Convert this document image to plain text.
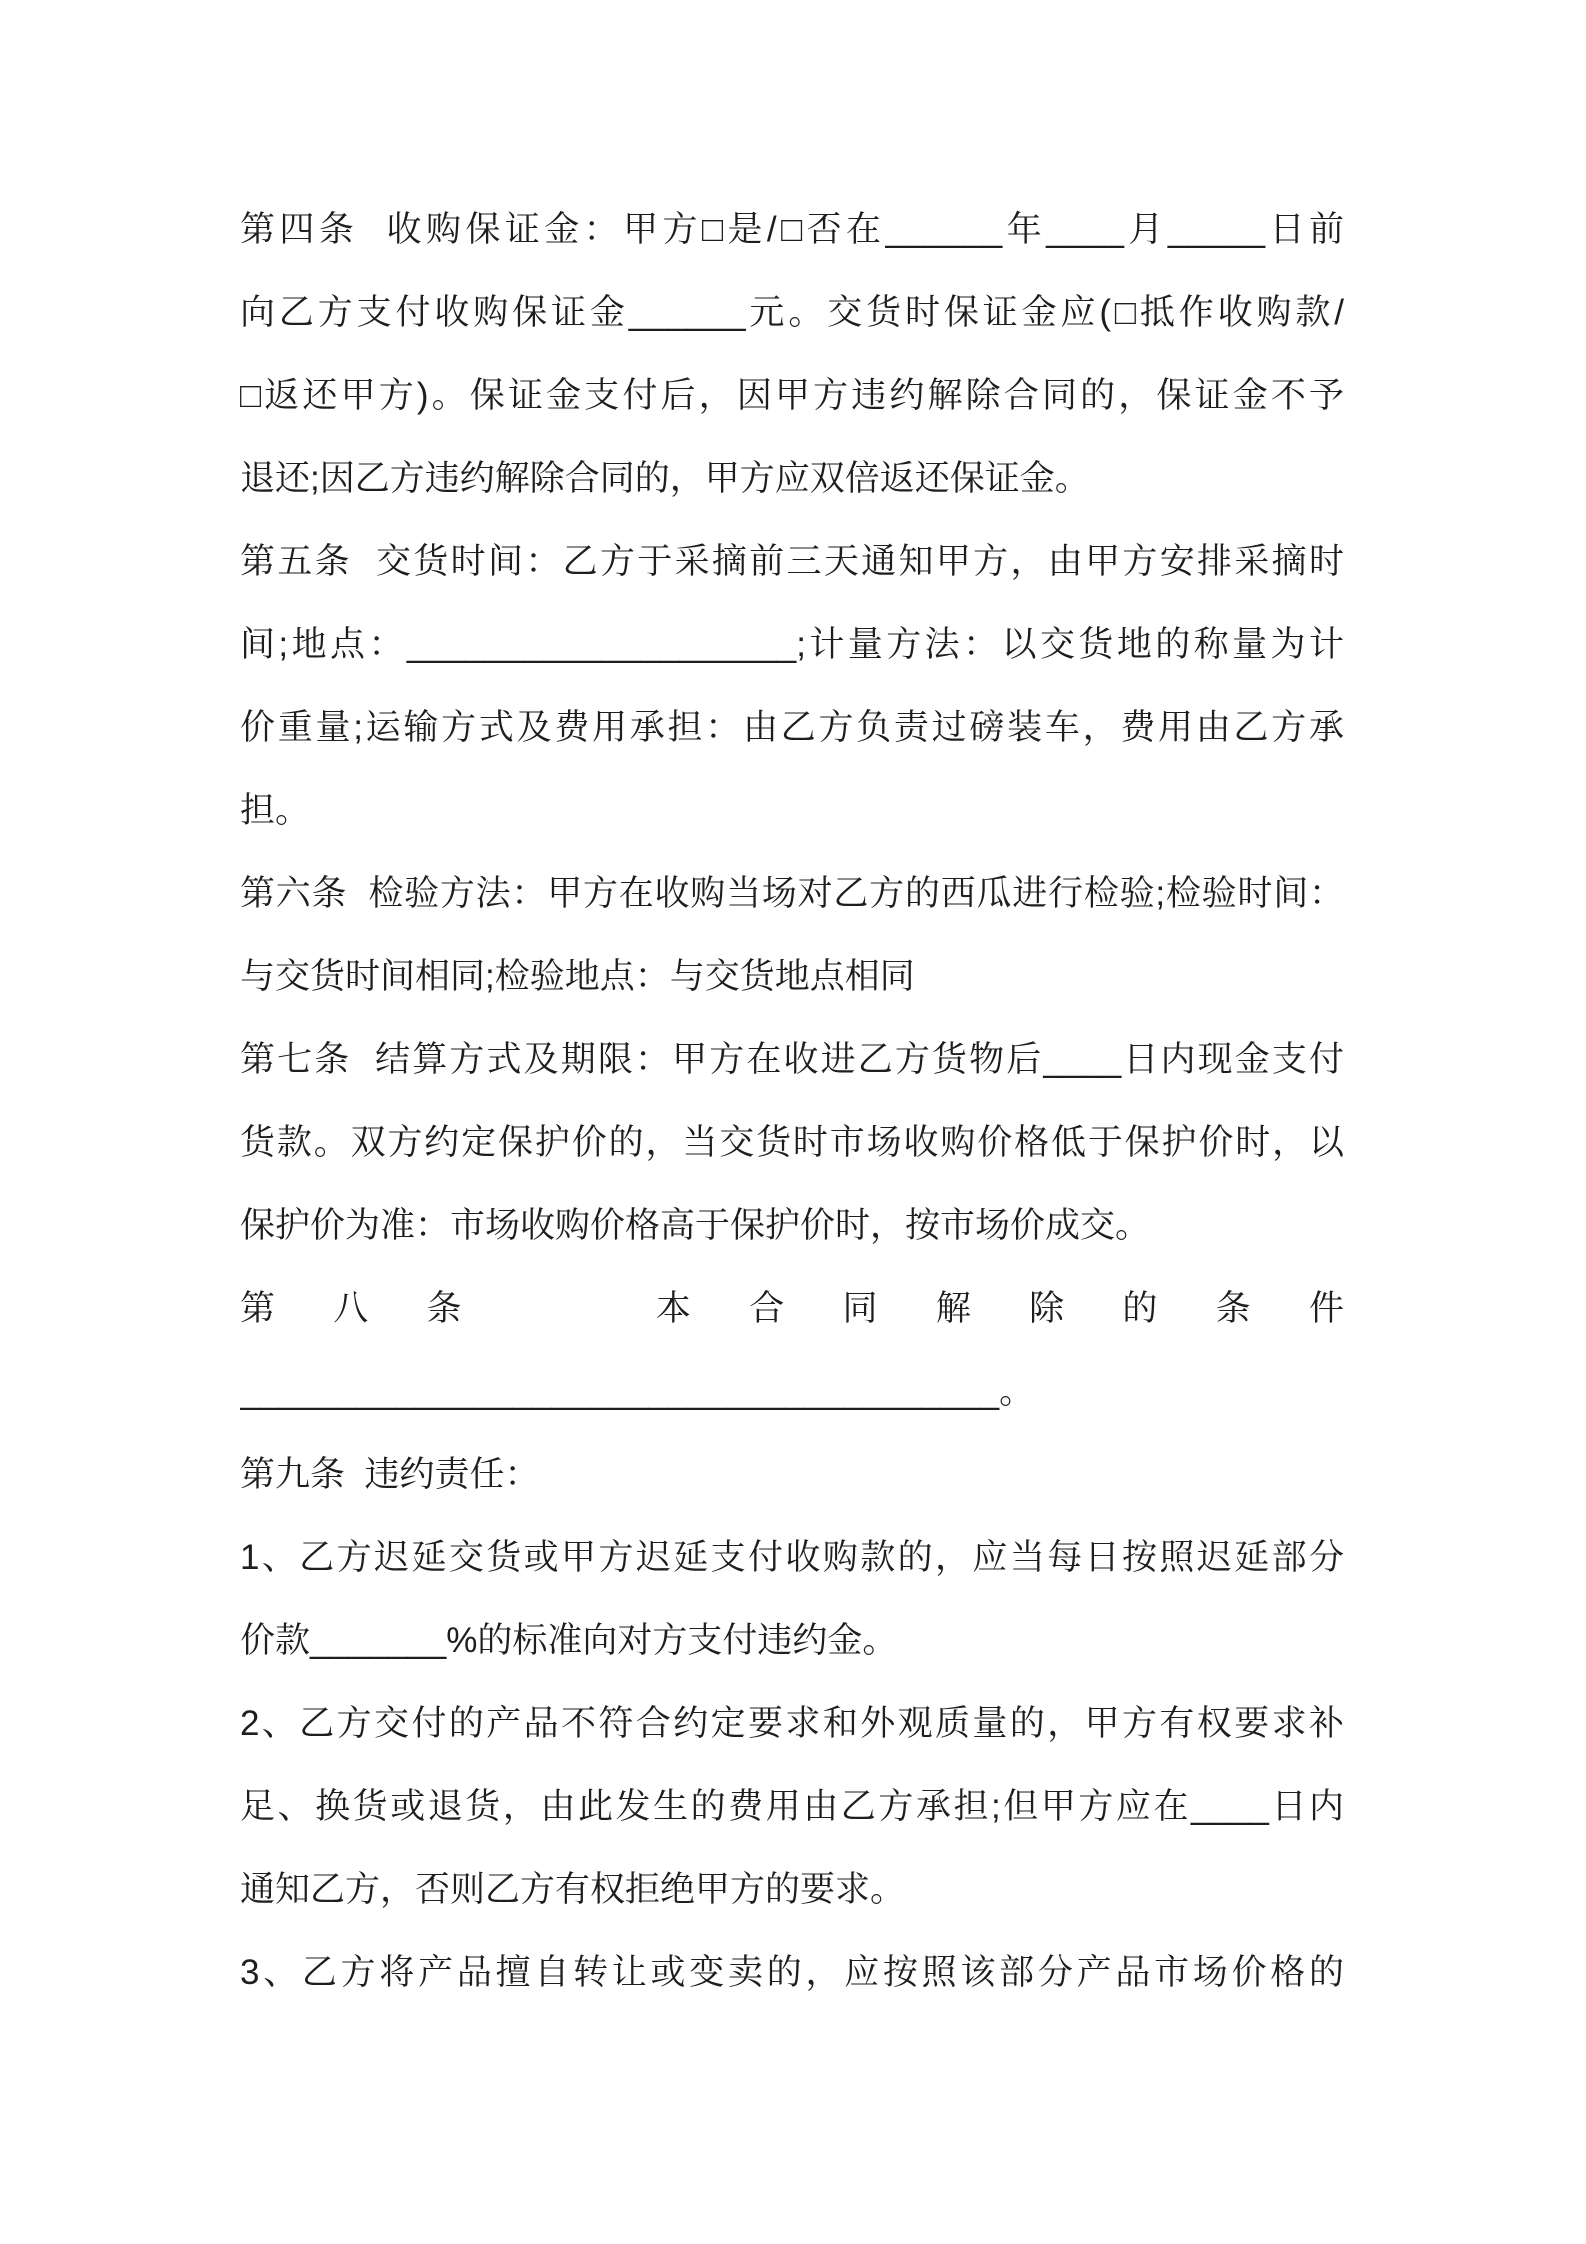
第四条  收购保证金：甲方□是/□否在______年____月_____日前
向乙方支付收购保证金______元。交货时保证金应(□抵作收购款/
□返还甲方)。保证金支付后，因甲方违约解除合同的，保证金不予
退还;因乙方违约解除合同的，甲方应双倍返还保证金。
第五条  交货时间：乙方于采摘前三天通知甲方，由甲方安排采摘时
间;地点：____________________;计量方法：以交货地的称量为计
价重量;运输方式及费用承担：由乙方负责过磅装车，费用由乙方承
担。
第六条  检验方法：甲方在收购当场对乙方的西瓜进行检验;检验时间：
与交货时间相同;检验地点：与交货地点相同
第七条  结算方式及期限：甲方在收进乙方货物后____日内现金支付
货款。双方约定保护价的，当交货时市场收购价格低于保护价时，以
保护价为准：市场收购价格高于保护价时，按市场价成交。
第八条  本合同解除的条件
_______________________________________。
第九条  违约责任：
1、乙方迟延交货或甲方迟延支付收购款的，应当每日按照迟延部分
价款_______%的标准向对方支付违约金。
2、乙方交付的产品不符合约定要求和外观质量的，甲方有权要求补
足、换货或退货，由此发生的费用由乙方承担;但甲方应在____日内
通知乙方，否则乙方有权拒绝甲方的要求。
3、乙方将产品擅自转让或变卖的，应按照该部分产品市场价格的
